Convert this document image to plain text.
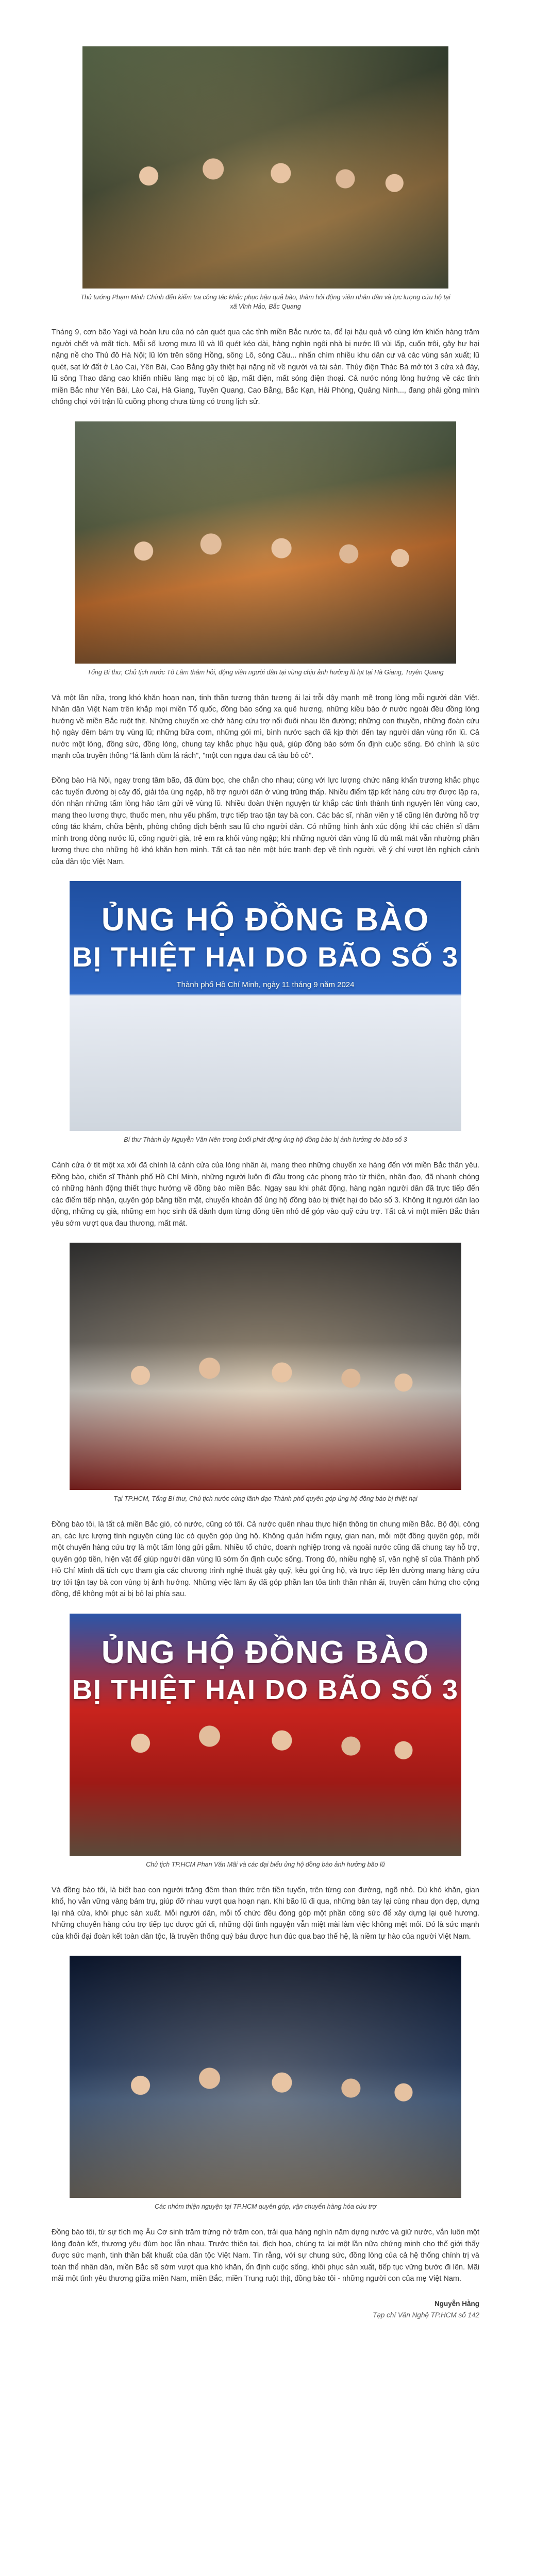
Thủ tướng Phạm Minh Chính đến kiểm tra công tác khắc phục hậu quả bão, thăm hỏi động viên nhân dân và lực lượng cứu hộ tại xã Vĩnh Hảo, Bắc Quang

Tháng 9, cơn bão Yagi và hoàn lưu của nó càn quét qua các tỉnh miền Bắc nước ta, để lại hậu quả vô cùng lớn khiến hàng trăm người chết và mất tích. Mỗi số lượng mưa lũ và lũ quét kéo dài, hàng nghìn ngôi nhà bị nước lũ vùi lấp, cuốn trôi, gây hư hại nặng nề cho Thủ đô Hà Nội; lũ lớn trên sông Hồng, sông Lô, sông Cầu... nhấn chìm nhiều khu dân cư và các vùng sản xuất; lũ quét, sạt lở đất ở Lào Cai, Yên Bái, Cao Bằng gây thiệt hại nặng nề về người và tài sản. Thủy điện Thác Bà mở tới 3 cửa xả đáy, lũ sông Thao dâng cao khiến nhiều làng mạc bị cô lập, mất điện, mất sóng điện thoại. Cả nước nóng lòng hướng về các tỉnh miền Bắc như Yên Bái, Lào Cai, Hà Giang, Tuyên Quang, Cao Bằng, Bắc Kạn, Hải Phòng, Quảng Ninh..., đang phải gồng mình chống chọi với trận lũ cuồng phong chưa từng có trong lịch sử.

Tổng Bí thư, Chủ tịch nước Tô Lâm thăm hỏi, động viên người dân tại vùng chịu ảnh hưởng lũ lụt tại Hà Giang, Tuyên Quang

Và một lần nữa, trong khó khăn hoạn nạn, tinh thần tương thân tương ái lại trỗi dậy mạnh mẽ trong lòng mỗi người dân Việt. Nhân dân Việt Nam trên khắp mọi miền Tổ quốc, đồng bào sống xa quê hương, những kiều bào ở nước ngoài đều đồng lòng hướng về miền Bắc ruột thịt. Những chuyến xe chở hàng cứu trợ nối đuôi nhau lên đường; những con thuyền, những đoàn cứu hộ ngày đêm bám trụ vùng lũ; những bữa cơm, những gói mì, bình nước sạch đã kịp thời đến tay người dân vùng rốn lũ. Cả nước một lòng, đồng sức, đồng lòng, chung tay khắc phục hậu quả, giúp đồng bào sớm ổn định cuộc sống. Đó chính là sức mạnh của truyền thống "lá lành đùm lá rách", "một con ngựa đau cả tàu bỏ cỏ".

Đồng bào Hà Nội, ngay trong tâm bão, đã đùm bọc, che chắn cho nhau; cùng với lực lượng chức năng khẩn trương khắc phục các tuyến đường bị cây đổ, giải tỏa úng ngập, hỗ trợ người dân ở vùng trũng thấp. Nhiều điểm tập kết hàng cứu trợ được lập ra, đón nhận những tấm lòng hảo tâm gửi về vùng lũ. Nhiều đoàn thiện nguyện từ khắp các tỉnh thành tình nguyện lên vùng cao, mang theo lương thực, thuốc men, nhu yếu phẩm, trực tiếp trao tận tay bà con. Các bác sĩ, nhân viên y tế cũng lên đường hỗ trợ công tác khám, chữa bệnh, phòng chống dịch bệnh sau lũ cho người dân. Có những hình ảnh xúc động khi các chiến sĩ dầm mình trong dòng nước lũ, cõng người già, trẻ em ra khỏi vùng ngập; khi những người dân vùng lũ dù mất mát vẫn nhường phần lương thực cho những hộ khó khăn hơn mình. Tất cả tạo nên một bức tranh đẹp về tình người, về ý chí vượt lên nghịch cảnh của dân tộc Việt Nam.

ỦNG HỘ ĐỒNG BÀO
BỊ THIỆT HẠI DO BÃO SỐ 3
Thành phố Hồ Chí Minh, ngày 11 tháng 9 năm 2024

Bí thư Thành ủy Nguyễn Văn Nên trong buổi phát động ủng hộ đồng bào bị ảnh hưởng do bão số 3

Cảnh cửa ở tít một xa xôi đã chính là cảnh cửa của lòng nhân ái, mang theo những chuyến xe hàng đến với miền Bắc thân yêu. Đồng bào, chiến sĩ Thành phố Hồ Chí Minh, những người luôn đi đầu trong các phong trào từ thiện, nhân đạo, đã nhanh chóng có những hành động thiết thực hướng về đồng bào miền Bắc. Ngay sau khi phát động, hàng ngàn người dân đã trực tiếp đến các điểm tiếp nhận, quyên góp bằng tiền mặt, chuyển khoản để ủng hộ đồng bào bị thiệt hại do bão số 3. Không ít người dân lao động, những cụ già, những em học sinh đã dành dụm từng đồng tiền nhỏ để góp vào quỹ cứu trợ. Tất cả vì một miền Bắc thân yêu sớm vượt qua đau thương, mất mát.

Tại TP.HCM, Tổng Bí thư, Chủ tịch nước cùng lãnh đạo Thành phố quyên góp ủng hộ đồng bào bị thiệt hại

Đồng bào tôi, là tất cả miền Bắc gió, có nước, cũng có tôi. Cả nước quên nhau thực hiện thông tin chung miền Bắc. Bộ đội, công an, các lực lượng tình nguyện cùng lúc có quyên góp ủng hộ. Không quản hiểm nguy, gian nan, mỗi một đồng quyên góp, mỗi một chuyến hàng cứu trợ là một tấm lòng gửi gắm. Nhiều tổ chức, doanh nghiệp trong và ngoài nước cũng đã chung tay hỗ trợ, quyên góp tiền, hiện vật để giúp người dân vùng lũ sớm ổn định cuộc sống. Trong đó, nhiều nghệ sĩ, văn nghệ sĩ của Thành phố Hồ Chí Minh đã tích cực tham gia các chương trình nghệ thuật gây quỹ, kêu gọi ủng hộ, và trực tiếp lên đường mang hàng cứu trợ tới tận tay bà con vùng bị ảnh hưởng. Những việc làm ấy đã góp phần lan tỏa tinh thần nhân ái, truyền cảm hứng cho cộng đồng, để không một ai bị bỏ lại phía sau.

ỦNG HỘ ĐỒNG BÀO
BỊ THIỆT HẠI DO BÃO SỐ 3

Chủ tịch TP.HCM Phan Văn Mãi và các đại biểu ủng hộ đồng bào ảnh hưởng bão lũ

Và đồng bào tôi, là biết bao con người trăng đêm than thức trên tiền tuyến, trên từng con đường, ngõ nhỏ. Dù khó khăn, gian khổ, họ vẫn vững vàng bám trụ, giúp đỡ nhau vượt qua hoạn nạn. Khi bão lũ đi qua, những bàn tay lại cùng nhau dọn dẹp, dựng lại nhà cửa, khôi phục sản xuất. Mỗi người dân, mỗi tổ chức đều đóng góp một phần công sức để xây dựng lại quê hương. Những chuyến hàng cứu trợ tiếp tục được gửi đi, những đội tình nguyện vẫn miệt mài làm việc không mệt mỏi. Đó là sức mạnh của khối đại đoàn kết toàn dân tộc, là truyền thống quý báu được hun đúc qua bao thế hệ, là niềm tự hào của người Việt Nam.

Các nhóm thiện nguyện tại TP.HCM quyên góp, vận chuyển hàng hóa cứu trợ

Đồng bào tôi, từ sự tích mẹ Âu Cơ sinh trăm trứng nở trăm con, trải qua hàng nghìn năm dựng nước và giữ nước, vẫn luôn một lòng đoàn kết, thương yêu đùm bọc lẫn nhau. Trước thiên tai, địch họa, chúng ta lại một lần nữa chứng minh cho thế giới thấy được sức mạnh, tinh thần bất khuất của dân tộc Việt Nam. Tin rằng, với sự chung sức, đồng lòng của cả hệ thống chính trị và toàn thể nhân dân, miền Bắc sẽ sớm vượt qua khó khăn, ổn định cuộc sống, khôi phục sản xuất, tiếp tục vững bước đi lên. Mãi mãi một tình yêu thương giữa miền Nam, miền Bắc, miền Trung ruột thịt, đồng bào tôi - những người con của mẹ Việt Nam.

Nguyễn Hằng
Tạp chí Văn Nghệ TP.HCM số 142
